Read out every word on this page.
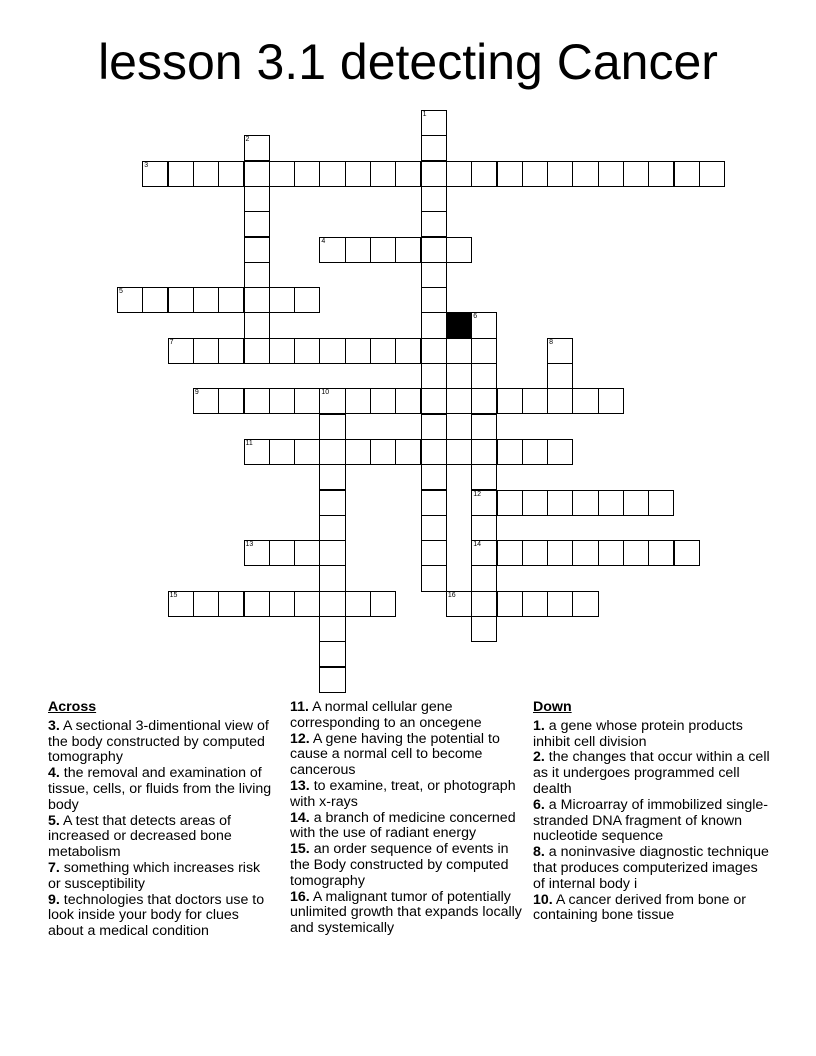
lesson 3.1 detecting Cancer
1
2
3
4
5
6
12
14
7	8
9	10
11
13
15	16
Across

3. A sectional 3-dimentional view of the body constructed by computed tomography

4. the removal and examination of tissue, cells, or fluids from the living body

5. A test that detects areas of increased or decreased bone metabolism

7. something which increases risk or susceptibility

9. technologies that doctors use to look inside your body for clues about a medical condition

11. A normal cellular gene corresponding to an oncegene

12. A gene having the potential to cause a normal cell to become cancerous

13. to examine, treat, or photograph with x-rays

14. a branch of medicine concerned with the use of radiant energy

15. an order sequence of events in the Body constructed by computed tomography

16. A malignant tumor of potentially unlimited growth that expands locally and systemically

Down

1. a gene whose protein products inhibit cell division

2. the changes that occur within a cell as it undergoes programmed cell dealth

6. a Microarray of immobilized single-stranded DNA fragment of known nucleotide sequence

8. a noninvasive diagnostic technique that produces computerized images of internal body i

10. A cancer derived from bone or containing bone tissue
